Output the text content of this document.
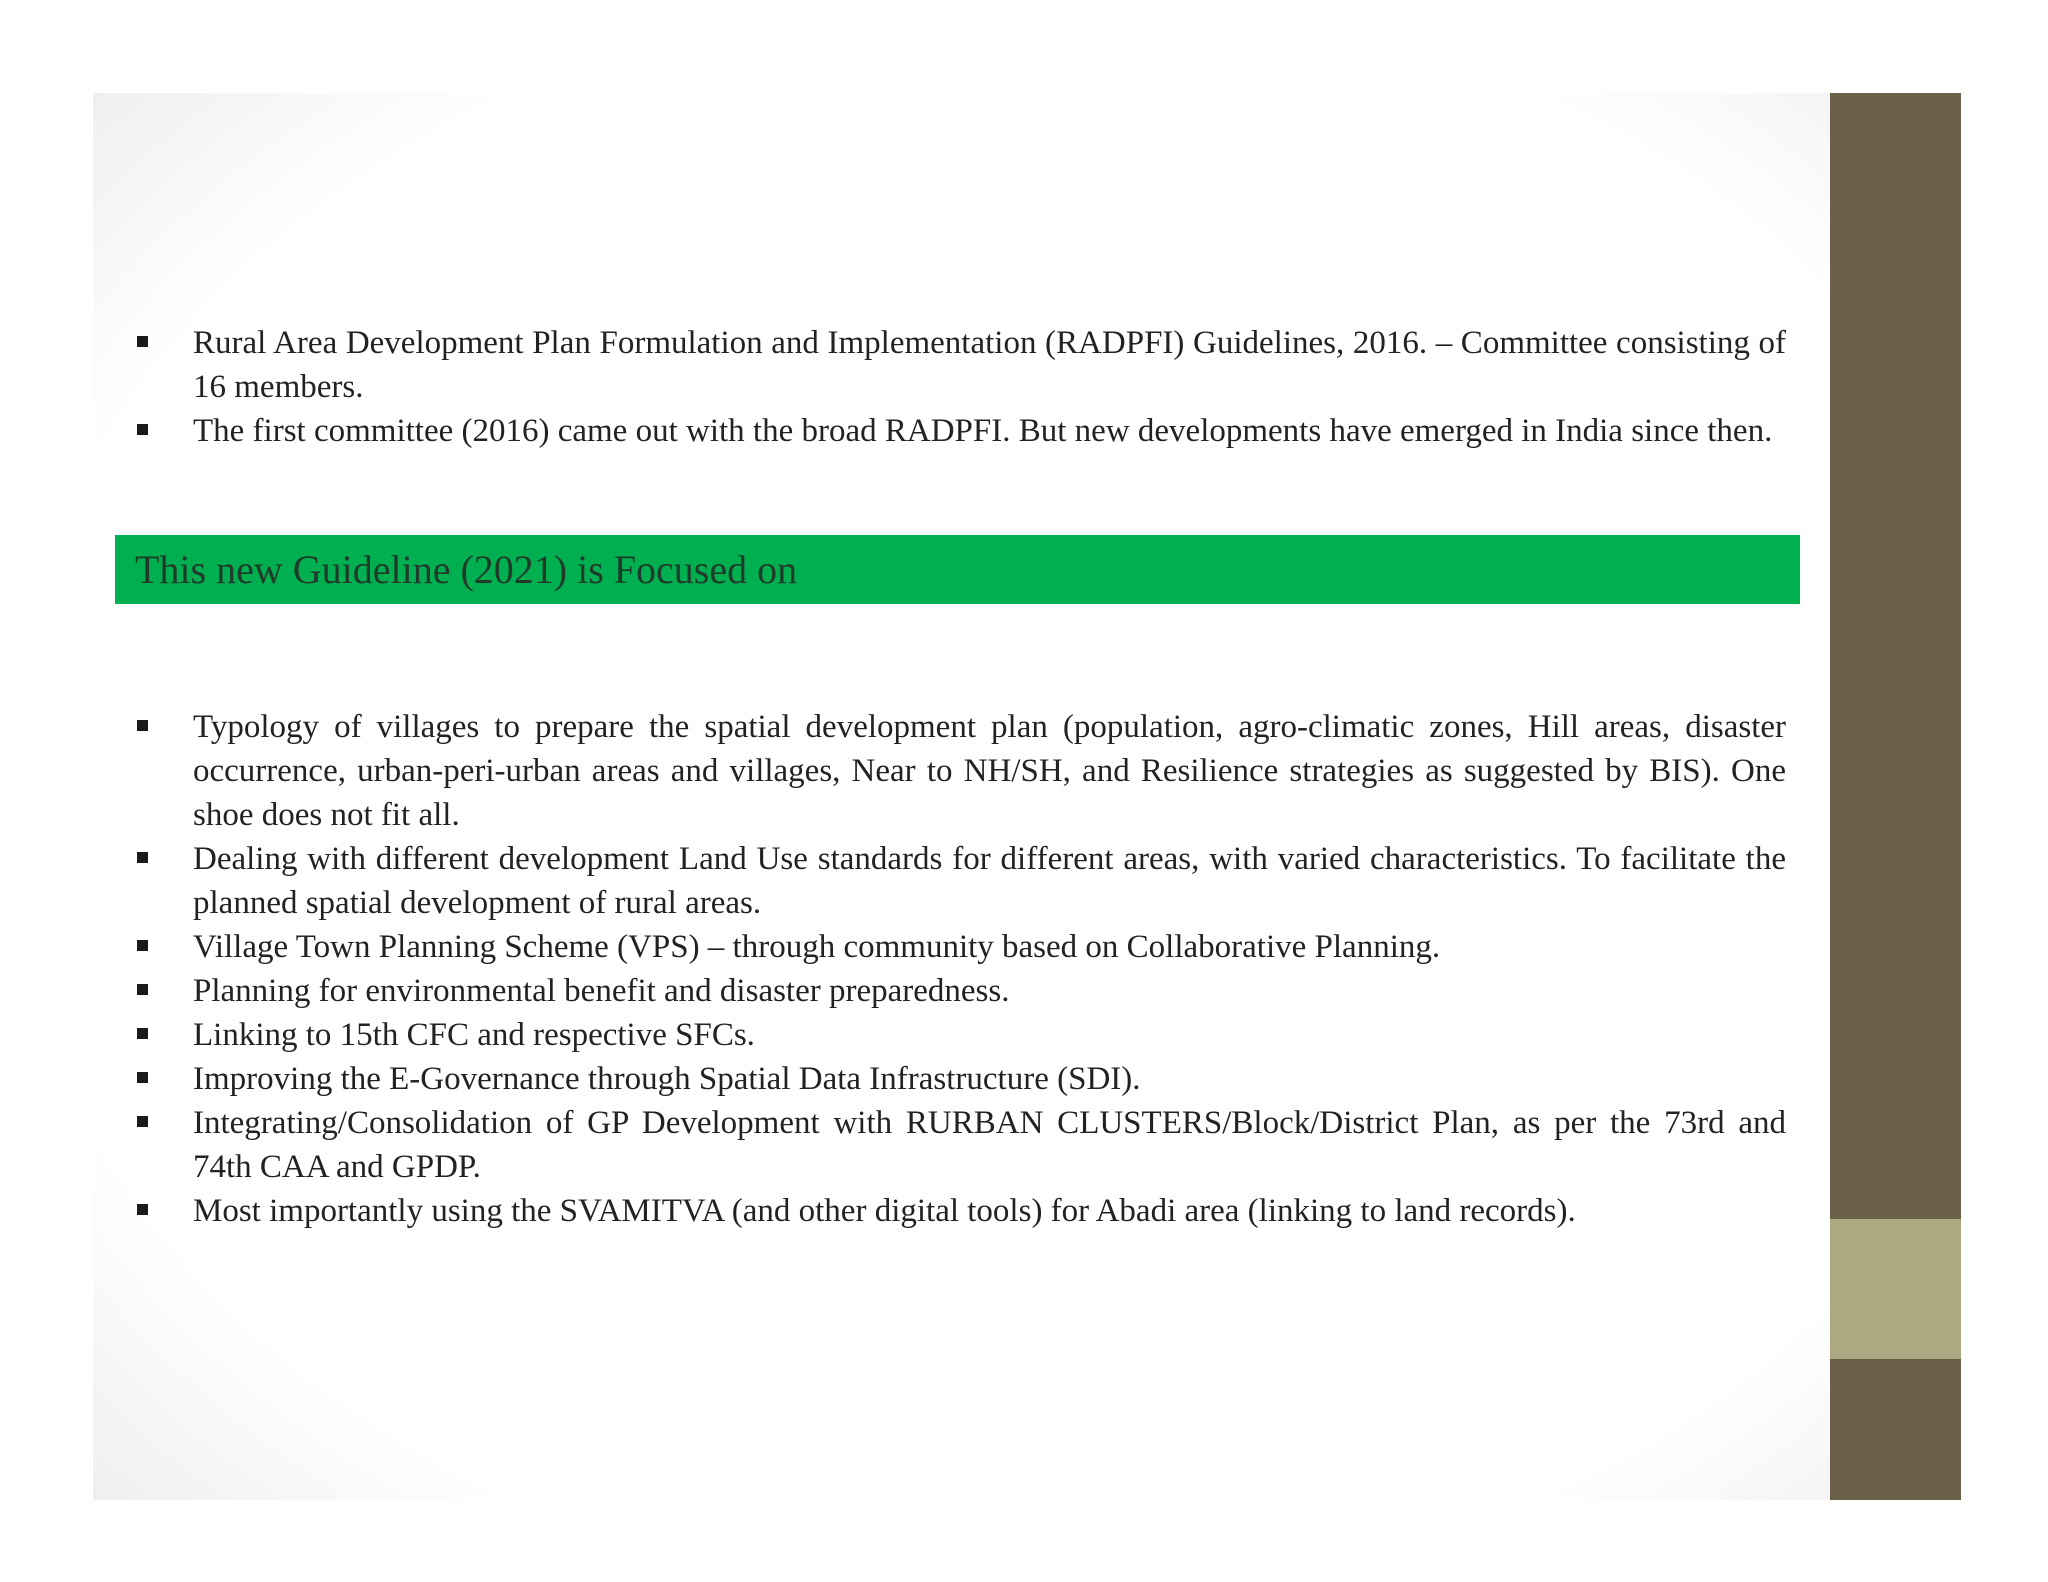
Rural Area Development Plan Formulation and Implementation (RADPFI) Guidelines, 2016. – Committee consisting of 16 members.
The first committee (2016) came out with the broad RADPFI. But new developments have emerged in India since then.
This new Guideline (2021) is Focused on
Typology of villages to prepare the spatial development plan (population, agro-climatic zones, Hill areas, disaster occurrence, urban-peri-urban areas and villages, Near to NH/SH, and Resilience strategies as suggested by BIS). One shoe does not fit all.
Dealing with different development Land Use standards for different areas, with varied characteristics. To facilitate the planned spatial development of rural areas.
Village Town Planning Scheme (VPS) – through community based on Collaborative Planning.
Planning for environmental benefit and disaster preparedness.
Linking to 15th CFC and respective SFCs.
Improving the E-Governance through Spatial Data Infrastructure (SDI).
Integrating/Consolidation of GP Development with RURBAN CLUSTERS/Block/District Plan, as per the 73rd and 74th CAA and GPDP.
Most importantly using the SVAMITVA (and other digital tools) for Abadi area (linking to land records).
